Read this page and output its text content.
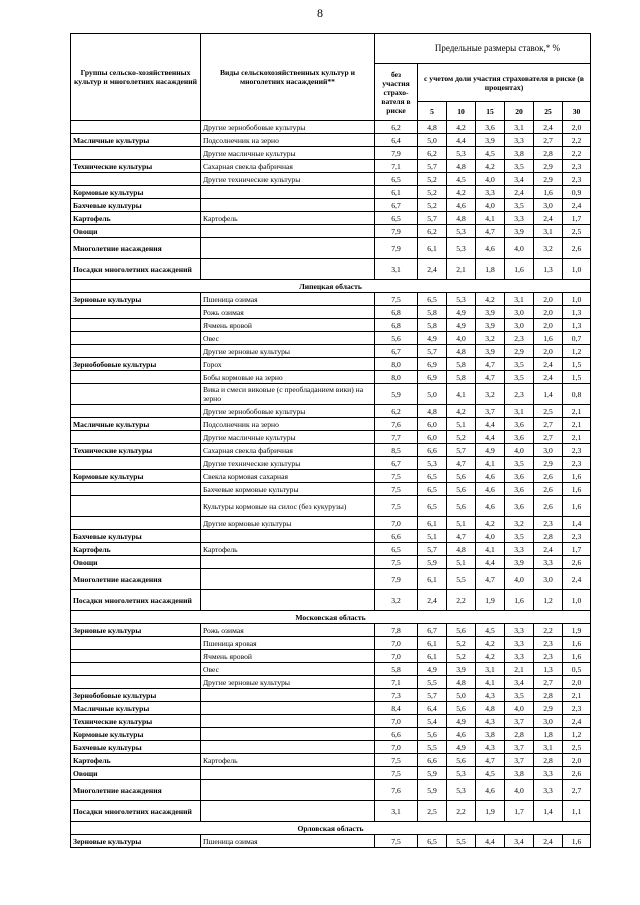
8
Группы сельско-хозяйственных культур и многолетних насаждений	Виды сельскохозяйственных культур и многолетних насаждений**	Предельные размеры ставок,* %						
		без участия страхо-вателя в риске	с учетом доли участия страхователя в риске (в процентах)					
			5	10	15	20	25	30
	Другие зернобобовые культуры	6,2	4,8	4,2	3,6	3,1	2,4	2,0
Масличные культуры	Подсолнечник на зерно	6,4	5,0	4,4	3,9	3,3	2,7	2,2
	Другие масличные культуры	7,9	6,2	5,3	4,5	3,8	2,8	2,2
Технические культуры	Сахарная свекла фабричная	7,1	5,7	4,8	4,2	3,5	2,9	2,3
	Другие технические культуры	6,5	5,2	4,5	4,0	3,4	2,9	2,3
Кормовые культуры		6,1	5,2	4,2	3,3	2,4	1,6	0,9
Бахчевые культуры		6,7	5,2	4,6	4,0	3,5	3,0	2,4
Картофель	Картофель	6,5	5,7	4,8	4,1	3,3	2,4	1,7
Овощи		7,9	6,2	5,3	4,7	3,9	3,1	2,5
Многолетние насаждения		7,9	6,1	5,3	4,6	4,0	3,2	2,6
Посадки многолетних насаждений		3,1	2,4	2,1	1,8	1,6	1,3	1,0
Липецкая область								
Зерновые культуры	Пшеница озимая	7,5	6,5	5,3	4,2	3,1	2,0	1,0
	Рожь озимая	6,8	5,8	4,9	3,9	3,0	2,0	1,3
	Ячмень яровой	6,8	5,8	4,9	3,9	3,0	2,0	1,3
	Овес	5,6	4,9	4,0	3,2	2,3	1,6	0,7
	Другие зерновые культуры	6,7	5,7	4,8	3,9	2,9	2,0	1,2
Зернобобовые культуры	Горох	8,0	6,9	5,8	4,7	3,5	2,4	1,5
	Бобы кормовые на зерно	8,0	6,9	5,8	4,7	3,5	2,4	1,5
	Вика и смеси виковые (с преобладанием вики) на зерно	5,9	5,0	4,1	3,2	2,3	1,4	0,8
	Другие зернобобовые культуры	6,2	4,8	4,2	3,7	3,1	2,5	2,1
Масличные культуры	Подсолнечник на зерно	7,6	6,0	5,1	4,4	3,6	2,7	2,1
	Другие масличные культуры	7,7	6,0	5,2	4,4	3,6	2,7	2,1
Технические культуры	Сахарная свекла фабричная	8,5	6,6	5,7	4,9	4,0	3,0	2,3
	Другие технические культуры	6,7	5,3	4,7	4,1	3,5	2,9	2,3
Кормовые культуры	Свекла кормовая сахарная	7,5	6,5	5,6	4,6	3,6	2,6	1,6
	Бахчевые кормовые культуры	7,5	6,5	5,6	4,6	3,6	2,6	1,6
	Культуры кормовые на силос (без кукурузы)	7,5	6,5	5,6	4,6	3,6	2,6	1,6
	Другие кормовые культуры	7,0	6,1	5,1	4,2	3,2	2,3	1,4
Бахчевые культуры		6,6	5,1	4,7	4,0	3,5	2,8	2,3
Картофель	Картофель	6,5	5,7	4,8	4,1	3,3	2,4	1,7
Овощи		7,5	5,9	5,1	4,4	3,9	3,3	2,6
Многолетние насаждения		7,9	6,1	5,5	4,7	4,0	3,0	2,4
Посадки многолетних насаждений		3,2	2,4	2,2	1,9	1,6	1,2	1,0
Московская область								
Зерновые культуры	Рожь озимая	7,8	6,7	5,6	4,5	3,3	2,2	1,9
	Пшеница яровая	7,0	6,1	5,2	4,2	3,3	2,3	1,6
	Ячмень яровой	7,0	6,1	5,2	4,2	3,3	2,3	1,6
	Овес	5,8	4,9	3,9	3,1	2,1	1,3	0,5
	Другие зерновые культуры	7,1	5,5	4,8	4,1	3,4	2,7	2,0
Зернобобовые культуры		7,3	5,7	5,0	4,3	3,5	2,8	2,1
Масличные культуры		8,4	6,4	5,6	4,8	4,0	2,9	2,3
Технические культуры		7,0	5,4	4,9	4,3	3,7	3,0	2,4
Кормовые культуры		6,6	5,6	4,6	3,8	2,8	1,8	1,2
Бахчевые культуры		7,0	5,5	4,9	4,3	3,7	3,1	2,5
Картофель	Картофель	7,5	6,6	5,6	4,7	3,7	2,8	2,0
Овощи		7,5	5,9	5,3	4,5	3,8	3,3	2,6
Многолетние насаждения		7,6	5,9	5,3	4,6	4,0	3,3	2,7
Посадки многолетних насаждений		3,1	2,5	2,2	1,9	1,7	1,4	1,1
Орловская область								
Зерновые культуры	Пшеница озимая	7,5	6,5	5,5	4,4	3,4	2,4	1,6
